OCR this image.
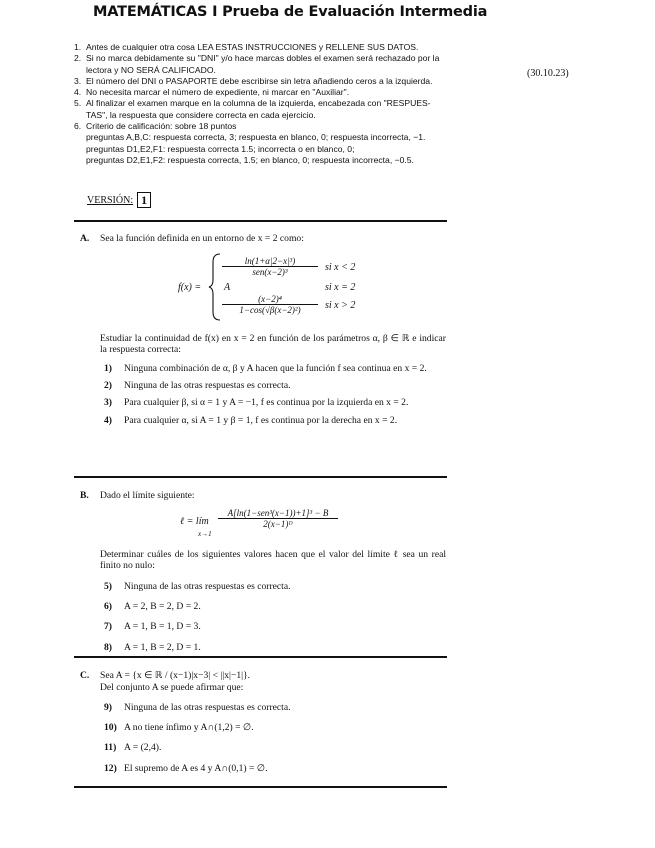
MATEMÁTICAS I Prueba de Evaluación Intermedia
1. Antes de cualquier otra cosa LEA ESTAS INSTRUCCIONES y RELLENE SUS DATOS.
2. Si no marca debidamente su "DNI" y/o hace marcas dobles el examen será rechazado por la lectora y NO SERÁ CALIFICADO.
3. El número del DNI o PASAPORTE debe escribirse sin letra añadiendo ceros a la izquierda.
4. No necesita marcar el número de expediente, ni marcar en "Auxiliar".
5. Al finalizar el examen marque en la columna de la izquierda, encabezada con "RESPUES-TAS", la respuesta que considere correcta en cada ejercicio.
6. Criterio de calificación: sobre 18 puntos
preguntas A,B,C: respuesta correcta, 3; respuesta en blanco, 0; respuesta incorrecta, −1.
preguntas D1,E2,F1: respuesta correcta 1.5; incorrecta o en blanco, 0;
preguntas D2,E1,F2: respuesta correcta, 1.5; en blanco, 0; respuesta incorrecta, −0.5.
(30.10.23)
VERSIÓN: 1
A.	Sea la función definida en un entorno de x = 2 como:
f(x) =
ln(1+α|2−x|³)
sen(x−2)³	si x < 2
A	si x = 2
$\frac{\text{(x−2)⁴}}{\text{1−cos(√β(x−2)²)}}$ si x > 2
Estudiar la continuidad de f(x) en x = 2 en función de los parámetros α, β ∈ ℝ e indicar la respuesta correcta:
1)	Ninguna combinación de α, β y A hacen que la función f sea continua en x = 2.
2)	Ninguna de las otras respuestas es correcta.
3)	Para cualquier β, si α = 1 y A = −1, f es continua por la izquierda en x = 2.
4)	Para cualquier α, si A = 1 y β = 1, f es continua por la derecha en x = 2.
B.	Dado el límite siguiente:
ℓ = lím
x→1
A[ln(1−sen³(x−1))+1]³ − B
2(x−1)ᴰ
Determinar cuáles de los siguientes valores hacen que el valor del límite ℓ sea un real finito no nulo:
5)	Ninguna de las otras respuestas es correcta.
6)	A = 2, B = 2, D = 2.
7)	A = 1, B = 1, D = 3.
8)	A = 1, B = 2, D = 1.
C.	Sea A = {x ∈ ℝ / (x−1)|x−3| < ||x|−1|}.
Del conjunto A se puede afirmar que:
9)	Ninguna de las otras respuestas es correcta.
10) A no tiene ínfimo y A∩(1,2) = ∅.
11) A = (2,4).
12) El supremo de A es 4 y A∩(0,1) = ∅.
